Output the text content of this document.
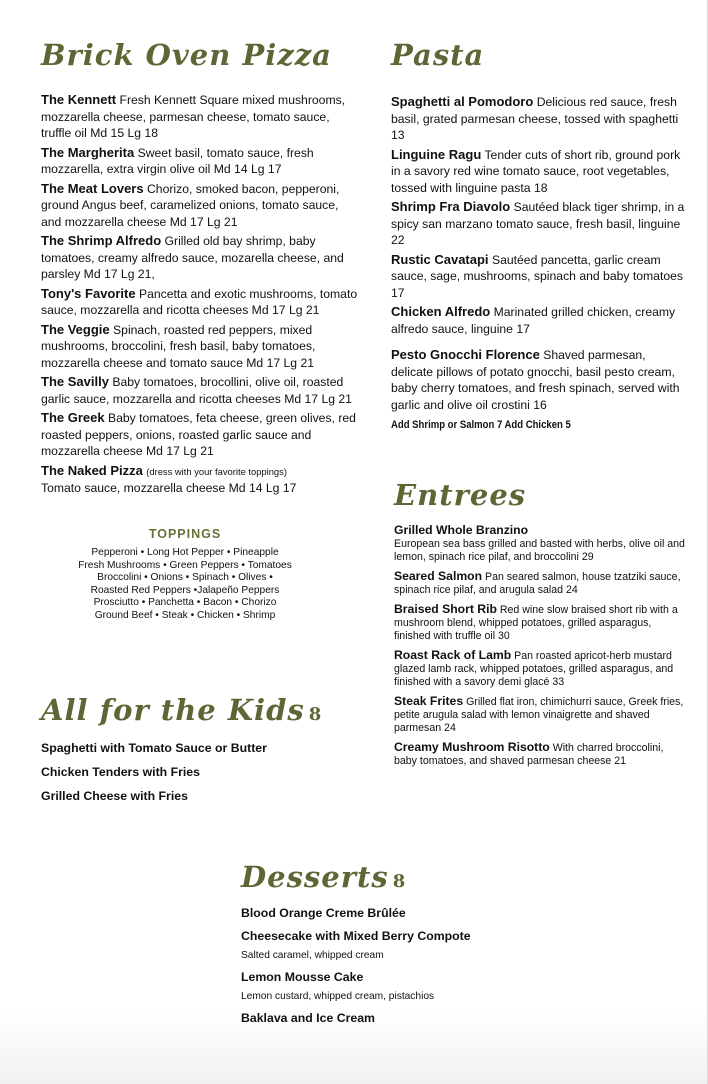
Brick Oven Pizza

The Kennett Fresh Kennett Square mixed mushrooms, mozzarella cheese, parmesan cheese, tomato sauce, truffle oil Md 15 Lg 18

The Margherita Sweet basil, tomato sauce, fresh mozzarella, extra virgin olive oil Md 14 Lg 17

The Meat Lovers Chorizo, smoked bacon, pepperoni, ground Angus beef, caramelized onions, tomato sauce, and mozzarella cheese Md 17 Lg 21

The Shrimp Alfredo Grilled old bay shrimp, baby tomatoes, creamy alfredo sauce, mozarella cheese, and parsley Md 17 Lg 21,

Tony's Favorite Pancetta and exotic mushrooms, tomato sauce, mozzarella and ricotta cheeses Md 17 Lg 21

The Veggie Spinach, roasted red peppers, mixed mushrooms, broccolini, fresh basil, baby tomatoes, mozzarella cheese and tomato sauce Md 17 Lg 21

The Savilly Baby tomatoes, brocollini, olive oil, roasted garlic sauce, mozzarella and ricotta cheeses Md 17 Lg 21

The Greek Baby tomatoes, feta cheese, green olives, red roasted peppers, onions, roasted garlic sauce and mozzarella cheese Md 17 Lg 21

The Naked Pizza (dress with your favorite toppings)
Tomato sauce, mozzarella cheese Md 14 Lg 17

TOPPINGS

Pepperoni • Long Hot Pepper • Pineapple

Fresh Mushrooms • Green Peppers • Tomatoes

Broccolini • Onions • Spinach • Olives •

Roasted Red Peppers •Jalapeño Peppers

Prosciutto • Panchetta • Bacon • Chorizo

Ground Beef • Steak • Chicken • Shrimp

All for the Kids 8

Spaghetti with Tomato Sauce or Butter

Chicken Tenders with Fries

Grilled Cheese with Fries

Pasta

Spaghetti al Pomodoro Delicious red sauce, fresh basil, grated parmesan cheese, tossed with spaghetti 13

Linguine Ragu Tender cuts of short rib, ground pork in a savory red wine tomato sauce, root vegetables, tossed with linguine pasta 18

Shrimp Fra Diavolo Sautéed black tiger shrimp, in a spicy san marzano tomato sauce, fresh basil, linguine 22

Rustic Cavatapi Sautéed pancetta, garlic cream sauce, sage, mushrooms, spinach and baby tomatoes 17

Chicken Alfredo Marinated grilled chicken, creamy alfredo sauce, linguine 17

Pesto Gnocchi Florence Shaved parmesan, delicate pillows of potato gnocchi, basil pesto cream, baby cherry tomatoes, and fresh spinach, served with garlic and olive oil crostini 16

Add Shrimp or Salmon 7 Add Chicken 5

Entrees

Grilled Whole Branzino
European sea bass grilled and basted with herbs, olive oil and lemon, spinach rice pilaf, and broccolini 29

Seared Salmon Pan seared salmon, house tzatziki sauce, spinach rice pilaf, and arugula salad 24

Braised Short Rib Red wine slow braised short rib with a mushroom blend, whipped potatoes, grilled asparagus, finished with truffle oil 30

Roast Rack of Lamb Pan roasted apricot-herb mustard glazed lamb rack, whipped potatoes, grilled asparagus, and finished with a savory demi glacé 33

Steak Frites Grilled flat iron, chimichurri sauce, Greek fries, petite arugula salad with lemon vinaigrette and shaved parmesan 24

Creamy Mushroom Risotto With charred broccolini, baby tomatoes, and shaved parmesan cheese 21

Desserts 8

Blood Orange Creme Brûlée

Cheesecake with Mixed Berry Compote

Salted caramel, whipped cream

Lemon Mousse Cake

Lemon custard, whipped cream, pistachios

Baklava and Ice Cream
